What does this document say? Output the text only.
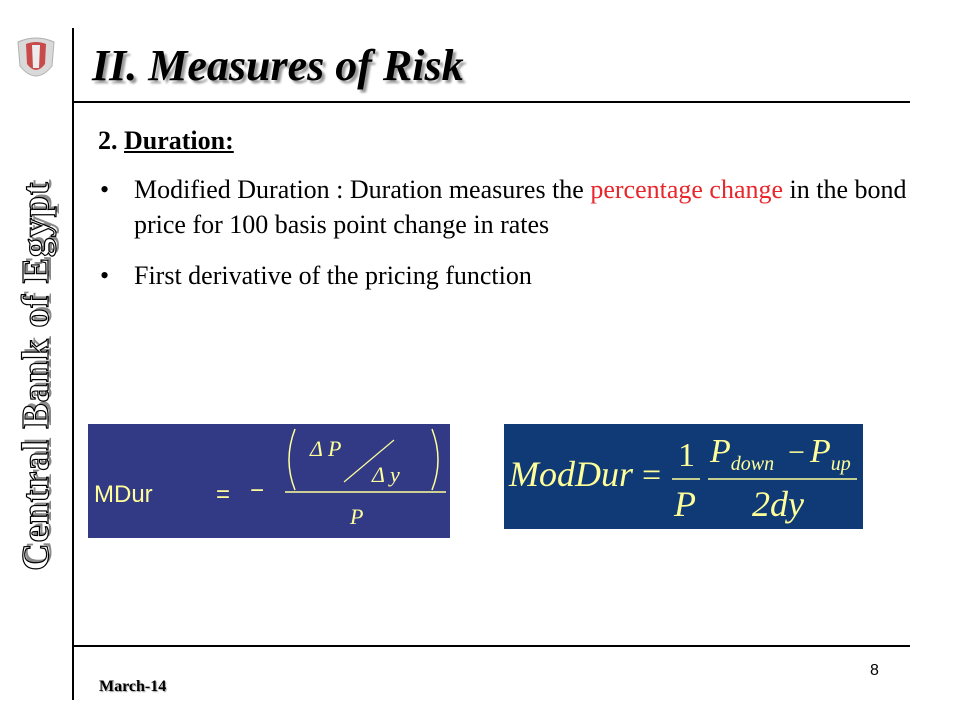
Central Bank of Egypt
II. Measures of Risk
2. Duration:
• Modified Duration : Duration measures the percentage change in the bond price for 100 basis point change in rates
• First derivative of the pricing function
MDur	= −
Δ P
Δ y
P
ModDur =
1
P
$P_{down} - P_{up}$
2dy
8
March-14
